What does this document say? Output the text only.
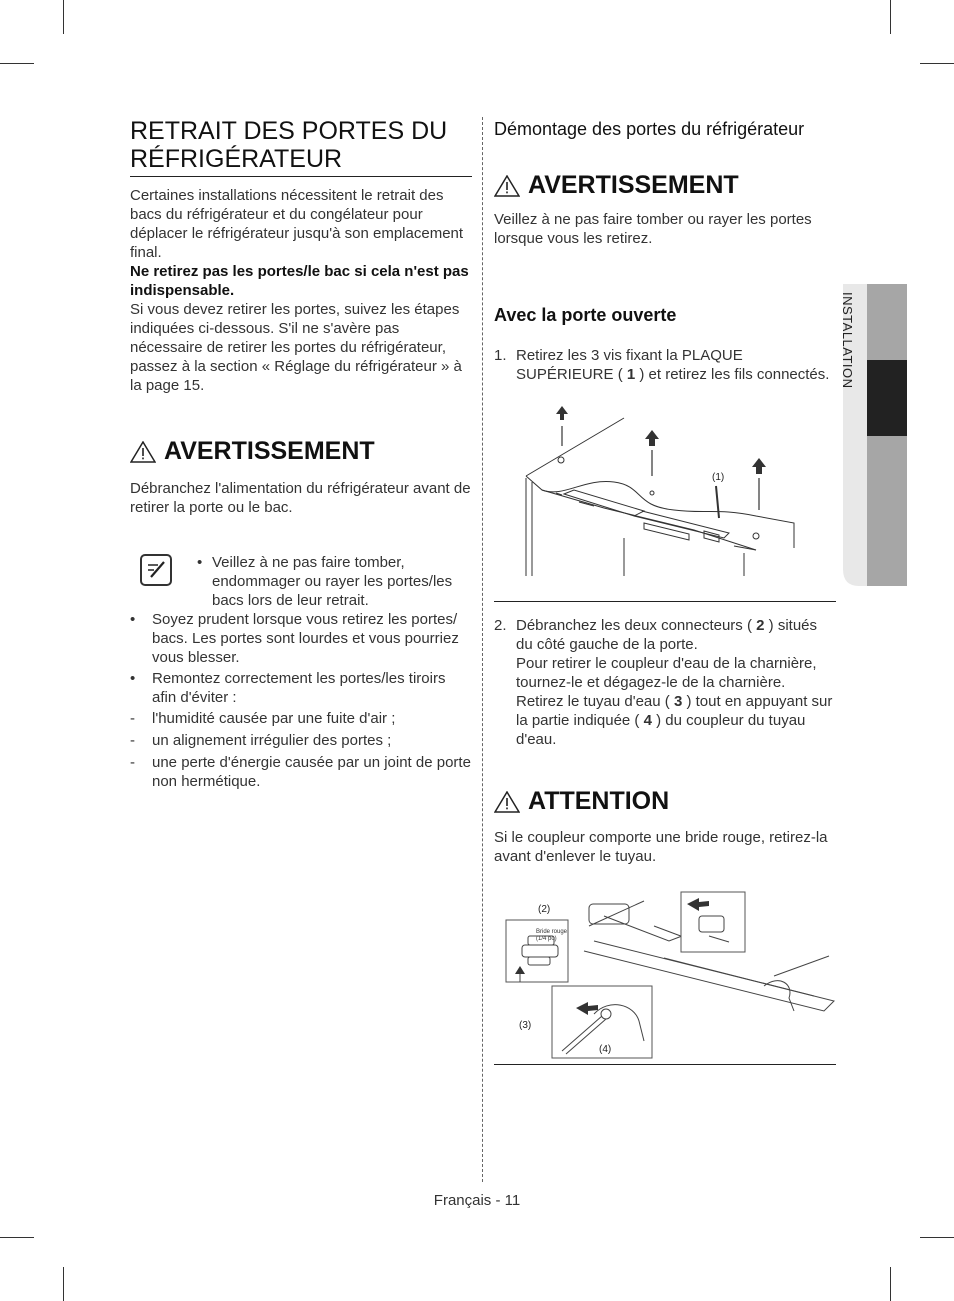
RETRAIT DES PORTES DU RÉFRIGÉRATEUR

Certaines installations nécessitent le retrait des bacs du réfrigérateur et du congélateur pour déplacer le réfrigérateur jusqu'à son emplacement final.

Ne retirez pas les portes/le bac si cela n'est pas indispensable.

Si vous devez retirer les portes, suivez les étapes indiquées ci-dessous. S'il ne s'avère pas nécessaire de retirer les portes du réfrigérateur, passez à la section « Réglage du réfrigérateur » à la page 15.

AVERTISSEMENT

Débranchez l'alimentation du réfrigérateur avant de retirer la porte ou le bac.

• Veillez à ne pas faire tomber, endommager ou rayer les portes/les bacs lors de leur retrait.
• Soyez prudent lorsque vous retirez les portes/ bacs. Les portes sont lourdes et vous pourriez vous blesser.
• Remontez correctement les portes/les tiroirs afin d'éviter :
- l'humidité causée par une fuite d'air ;
- un alignement irrégulier des portes ;
- une perte d'énergie causée par un joint de porte non hermétique.
Démontage des portes du réfrigérateur
AVERTISSEMENT

Veillez à ne pas faire tomber ou rayer les portes lorsque vous les retirez.

Avec la porte ouverte
1. Retirez les 3 vis fixant la PLAQUE SUPÉRIEURE ( 1 ) et retirez les fils connectés.
(1)
2. Débranchez les deux connecteurs ( 2 ) situés du côté gauche de la porte.
Pour retirer le coupleur d'eau de la charnière, tournez-le et dégagez-le de la charnière.
Retirez le tuyau d'eau ( 3 ) tout en appuyant sur la partie indiquée ( 4 ) du coupleur du tuyau d'eau.
ATTENTION

Si le coupleur comporte une bride rouge, retirez-la avant d'enlever le tuyau.

Bride rouge
(1/4 po)
(2)
(3)
(4)
INSTALLATION
Français - 11
